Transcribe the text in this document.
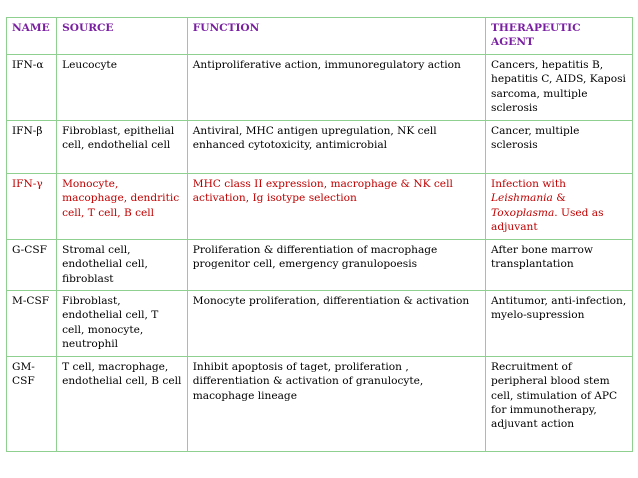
NAME	SOURCE	FUNCTION	THERAPEUTIC AGENT
IFN-α	Leucocyte	Antiproliferative action, immunoregulatory action	Cancers, hepatitis B, hepatitis C, AIDS, Kaposi sarcoma, multiple sclerosis
IFN-β	Fibroblast, epithelial cell, endothelial cell	Antiviral, MHC antigen upregulation, NK cell enhanced cytotoxicity, antimicrobial	Cancer, multiple sclerosis
IFN-γ	Monocyte, macophage, dendritic cell, T cell, B cell	MHC class II expression, macrophage & NK cell activation, Ig isotype selection	Infection with Leishmania & Toxoplasma. Used as adjuvant
G-CSF	Stromal cell, endothelial cell, fibroblast	Proliferation & differentiation of macrophage progenitor cell, emergency granulopoesis	After bone marrow transplantation
M-CSF	Fibroblast, endothelial cell, T cell, monocyte, neutrophil	Monocyte proliferation, differentiation & activation	Antitumor, anti-infection, myelo-supression
GM-CSF	T cell, macrophage, endothelial cell, B cell	Inhibit apoptosis of taget, proliferation , differentiation & activation of granulocyte, macophage lineage	Recruitment of peripheral blood stem cell, stimulation of APC for immunotherapy, adjuvant action
